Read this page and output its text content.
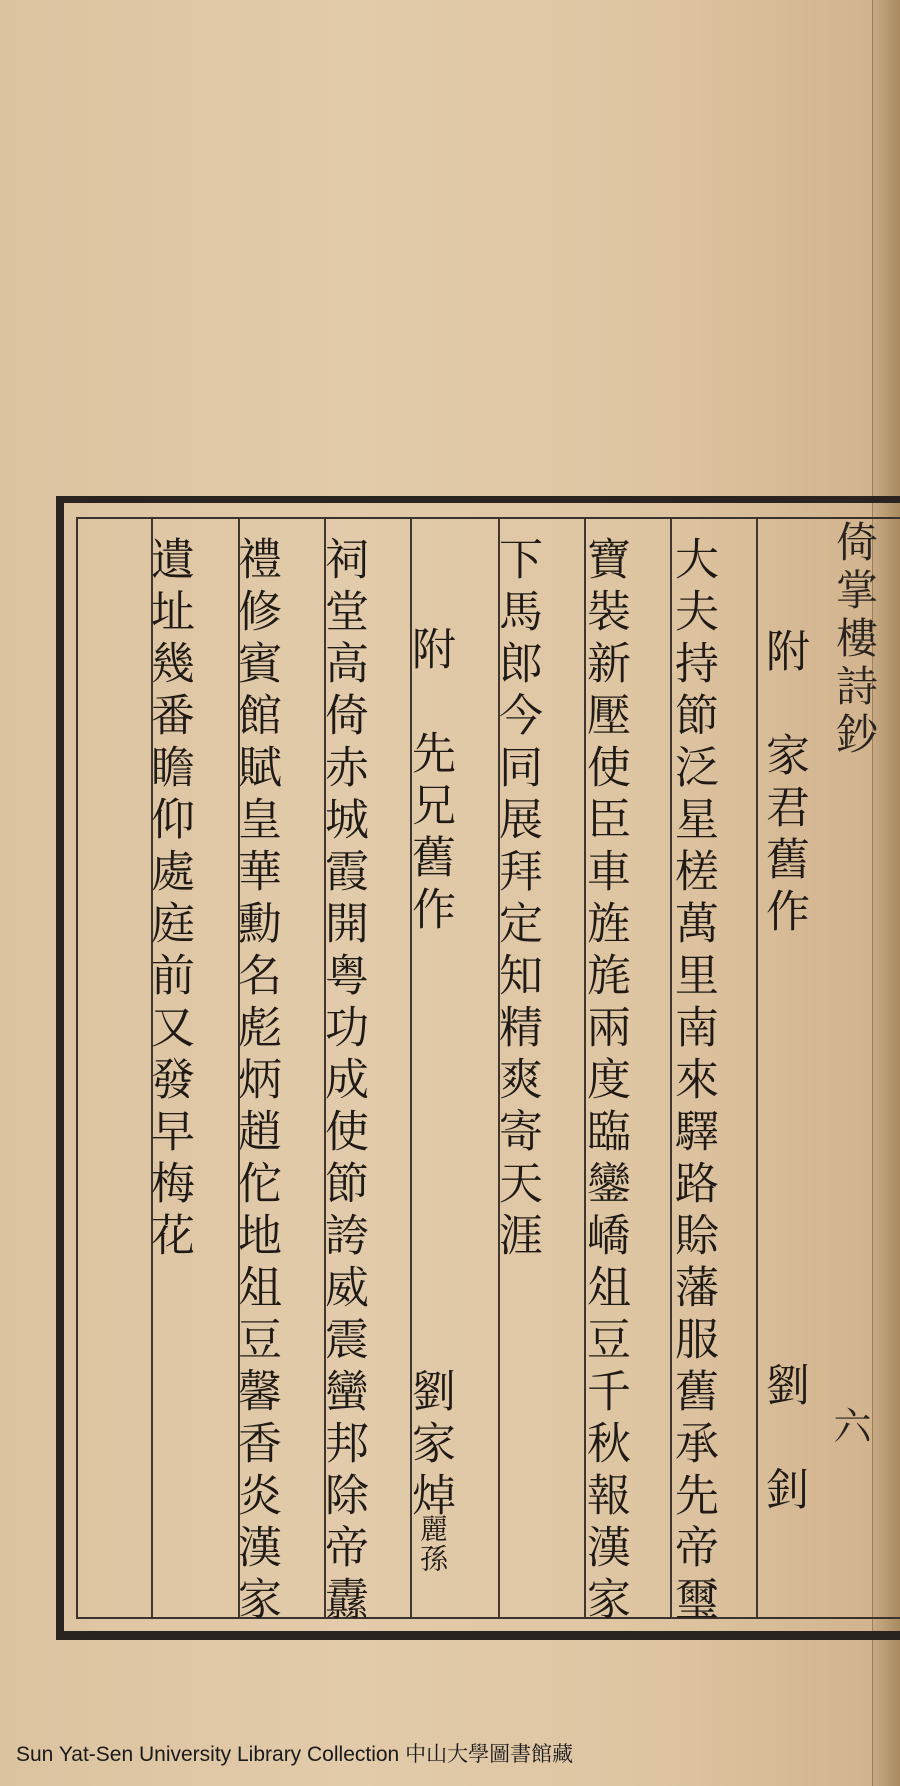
倚掌樓詩鈔
附　家君舊作
劉　釗
大夫持節泛星槎萬里南來驛路賒藩服舊承先帝璽
寶裝新壓使臣車旌旄兩度臨鑾嶠俎豆千秋報漢家
下馬郎今同展拜定知精爽寄天涯
附　先兄舊作
劉家焯
麗孫
祠堂高倚赤城霞開粤功成使節誇威震蠻邦除帝纛
禮修賓館賦皇華勳名彪炳趙佗地俎豆馨香炎漢家
遺址幾番瞻仰處庭前又發早梅花
六
Sun Yat-Sen University Library Collection 中山大學圖書館藏
